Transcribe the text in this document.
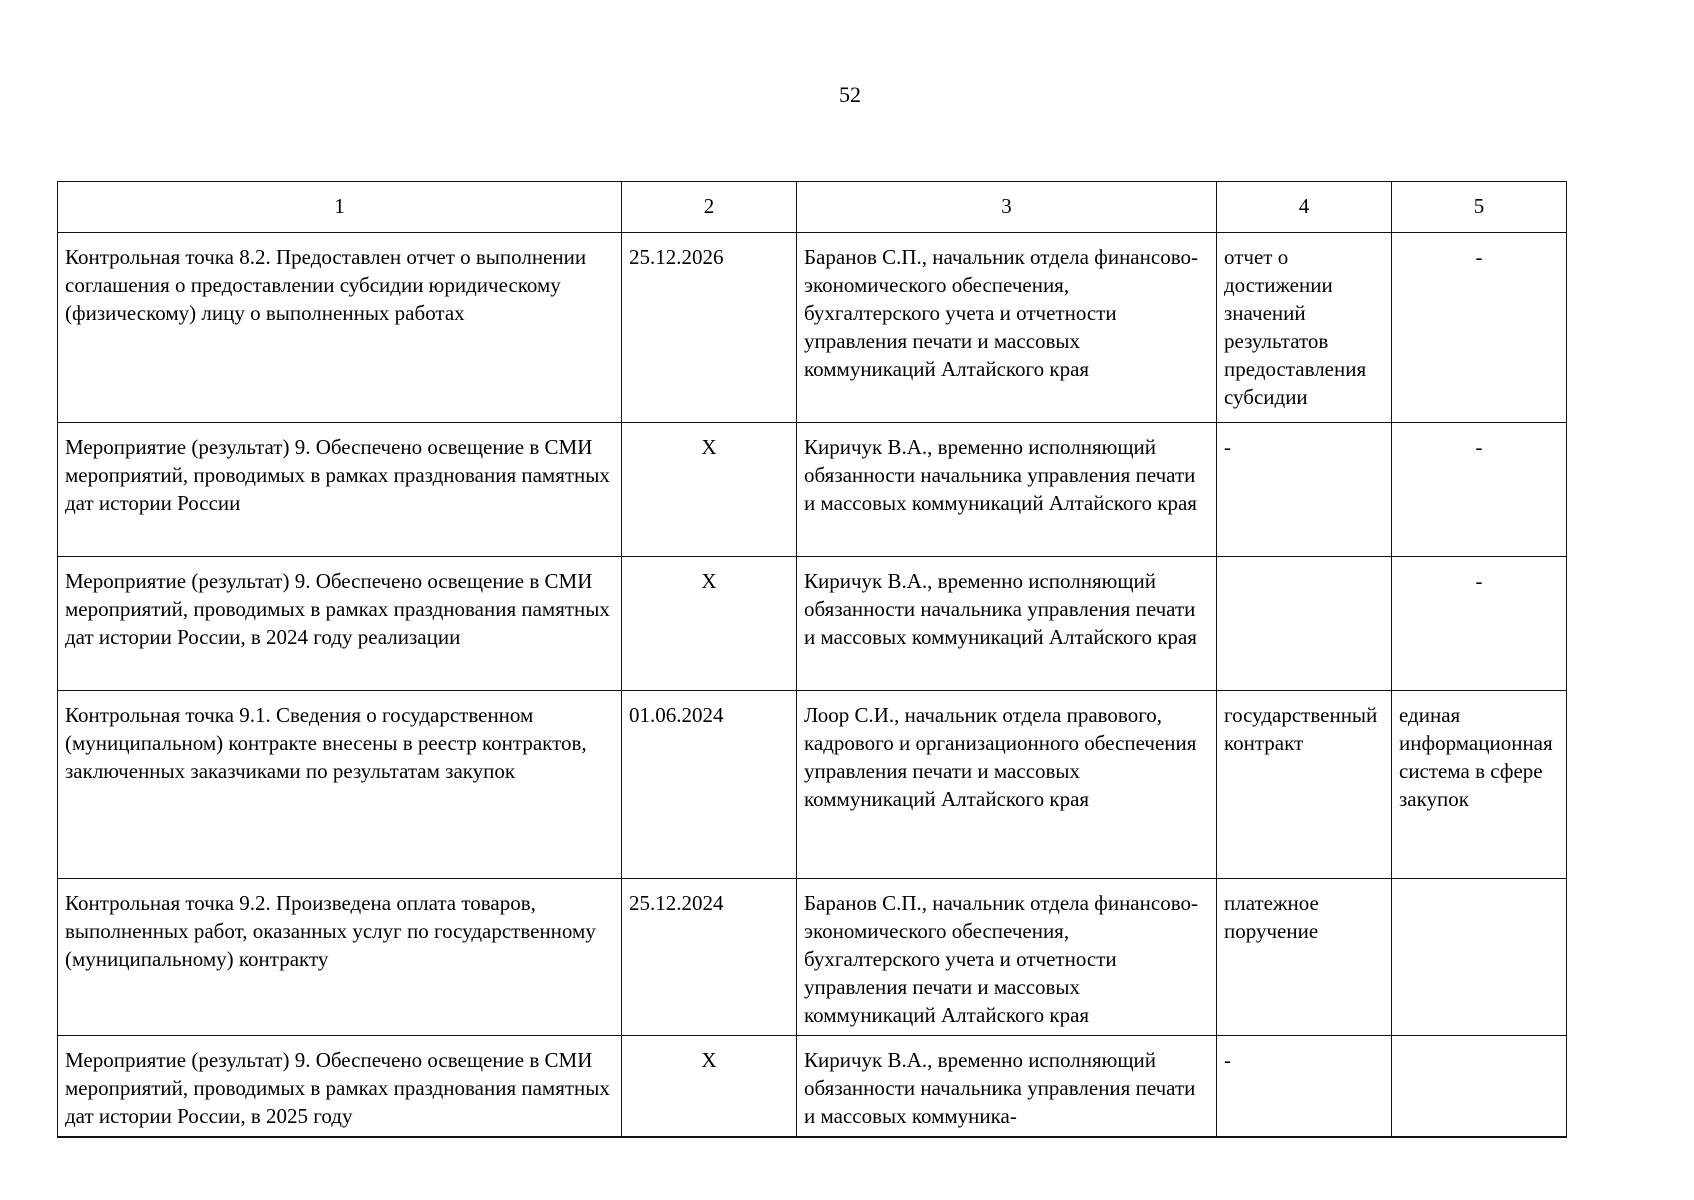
52
1	2	3	4	5
Контрольная точка 8.2. Предоставлен отчет о выполнении соглашения о предоставлении субсидии юридическому (физическому) лицу о выполненных работах	25.12.2026	Баранов С.П., начальник отдела финансово-экономического обеспечения, бухгалтерского учета и отчетности управления печати и массовых коммуникаций Алтайского края	отчет о достижении значений результатов предоставления субсидии	-
Мероприятие (результат) 9. Обеспечено освещение в СМИ мероприятий, проводимых в рамках празднования памятных дат истории России	X	Киричук В.А., временно исполняющий обязанности начальника управления печати и массовых коммуникаций Алтайского края	-	-
Мероприятие (результат) 9. Обеспечено освещение в СМИ мероприятий, проводимых в рамках празднования памятных дат истории России, в 2024 году реализации	X	Киричук В.А., временно исполняющий обязанности начальника управления печати и массовых коммуникаций Алтайского края		-
Контрольная точка 9.1. Сведения о государственном (муниципальном) контракте внесены в реестр контрактов, заключенных заказчиками по результатам закупок	01.06.2024	Лоор С.И., начальник отдела правового, кадрового и организационного обеспечения управления печати и массовых коммуникаций Алтайского края	государственный контракт	единая информационная система в сфере закупок
Контрольная точка 9.2. Произведена оплата товаров, выполненных работ, оказанных услуг по государственному (муниципальному) контракту	25.12.2024	Баранов С.П., начальник отдела финансово-экономического обеспечения, бухгалтерского учета и отчетности управления печати и массовых коммуникаций Алтайского края	платежное поручение	
Мероприятие (результат) 9. Обеспечено освещение в СМИ мероприятий, проводимых в рамках празднования памятных дат истории России, в 2025 году	X	Киричук В.А., временно исполняющий обязанности начальника управления печати и массовых коммуника-	-	
